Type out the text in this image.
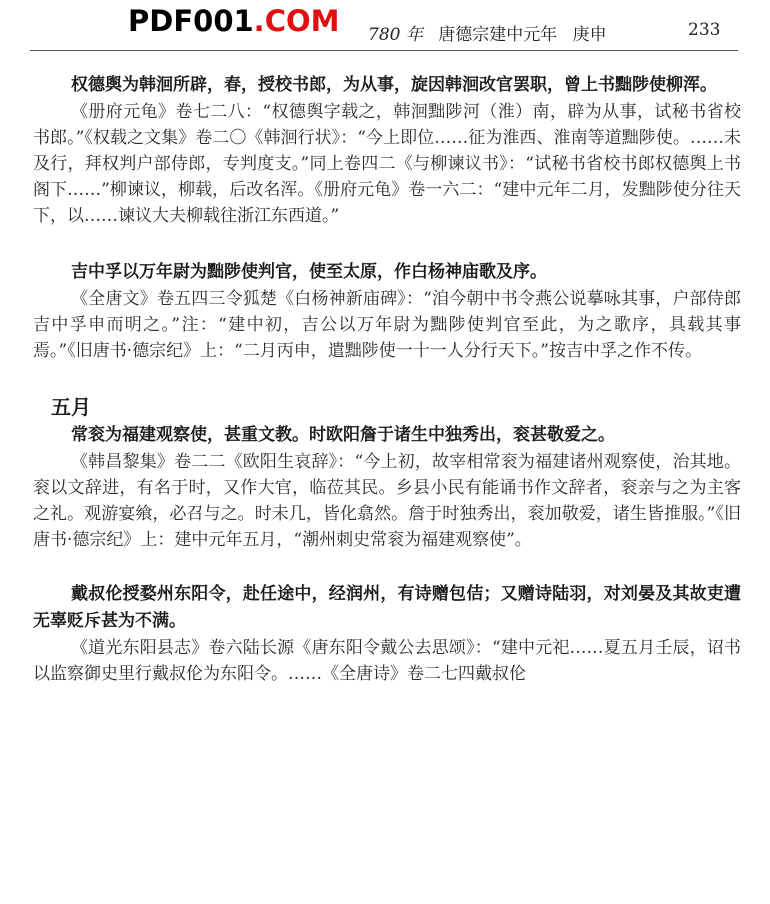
PDF001.COM 780 年 唐德宗建中元年 庚申	233

权德舆为韩洄所辟，春，授校书郎，为从事，旋因韩洄改官罢职，曾上书黜陟使柳浑。

《册府元龟》卷七二八：“权德舆字载之，韩洄黜陟河（淮）南，辟为从事，试秘书省校书郎。”《权载之文集》卷二〇《韩洄行状》：“今上即位……征为淮西、淮南等道黜陟使。……未及行，拜权判户部侍郎，专判度支。”同上卷四二《与柳谏议书》：“试秘书省校书郎权德舆上书阁下……”柳谏议，柳载，后改名浑。《册府元龟》卷一六二：“建中元年二月，发黜陟使分往天下，以……谏议大夫柳载往浙江东西道。”

吉中孚以万年尉为黜陟使判官，使至太原，作白杨神庙歌及序。

《全唐文》卷五四三令狐楚《白杨神新庙碑》：“洎今朝中书令燕公说摹咏其事，户部侍郎吉中孚申而明之。”注：“建中初，吉公以万年尉为黜陟使判官至此，为之歌序，具载其事焉。”《旧唐书·德宗纪》上：“二月丙申，遣黜陟使一十一人分行天下。”按吉中孚之作不传。

五月

常衮为福建观察使，甚重文教。时欧阳詹于诸生中独秀出，衮甚敬爱之。

《韩昌黎集》卷二二《欧阳生哀辞》：“今上初，故宰相常衮为福建诸州观察使，治其地。衮以文辞进，有名于时，又作大官，临莅其民。乡县小民有能诵书作文辞者，衮亲与之为主客之礼。观游宴飨，必召与之。时未几，皆化翕然。詹于时独秀出，衮加敬爱，诸生皆推服。”《旧唐书·德宗纪》上：建中元年五月，“潮州刺史常衮为福建观察使”。

戴叔伦授婺州东阳令，赴任途中，经润州，有诗赠包佶；又赠诗陆羽，对刘晏及其故吏遭无辜贬斥甚为不满。

《道光东阳县志》卷六陆长源《唐东阳令戴公去思颂》：“建中元祀……夏五月壬辰，诏书以监察御史里行戴叔伦为东阳令。……《全唐诗》卷二七四戴叔伦
